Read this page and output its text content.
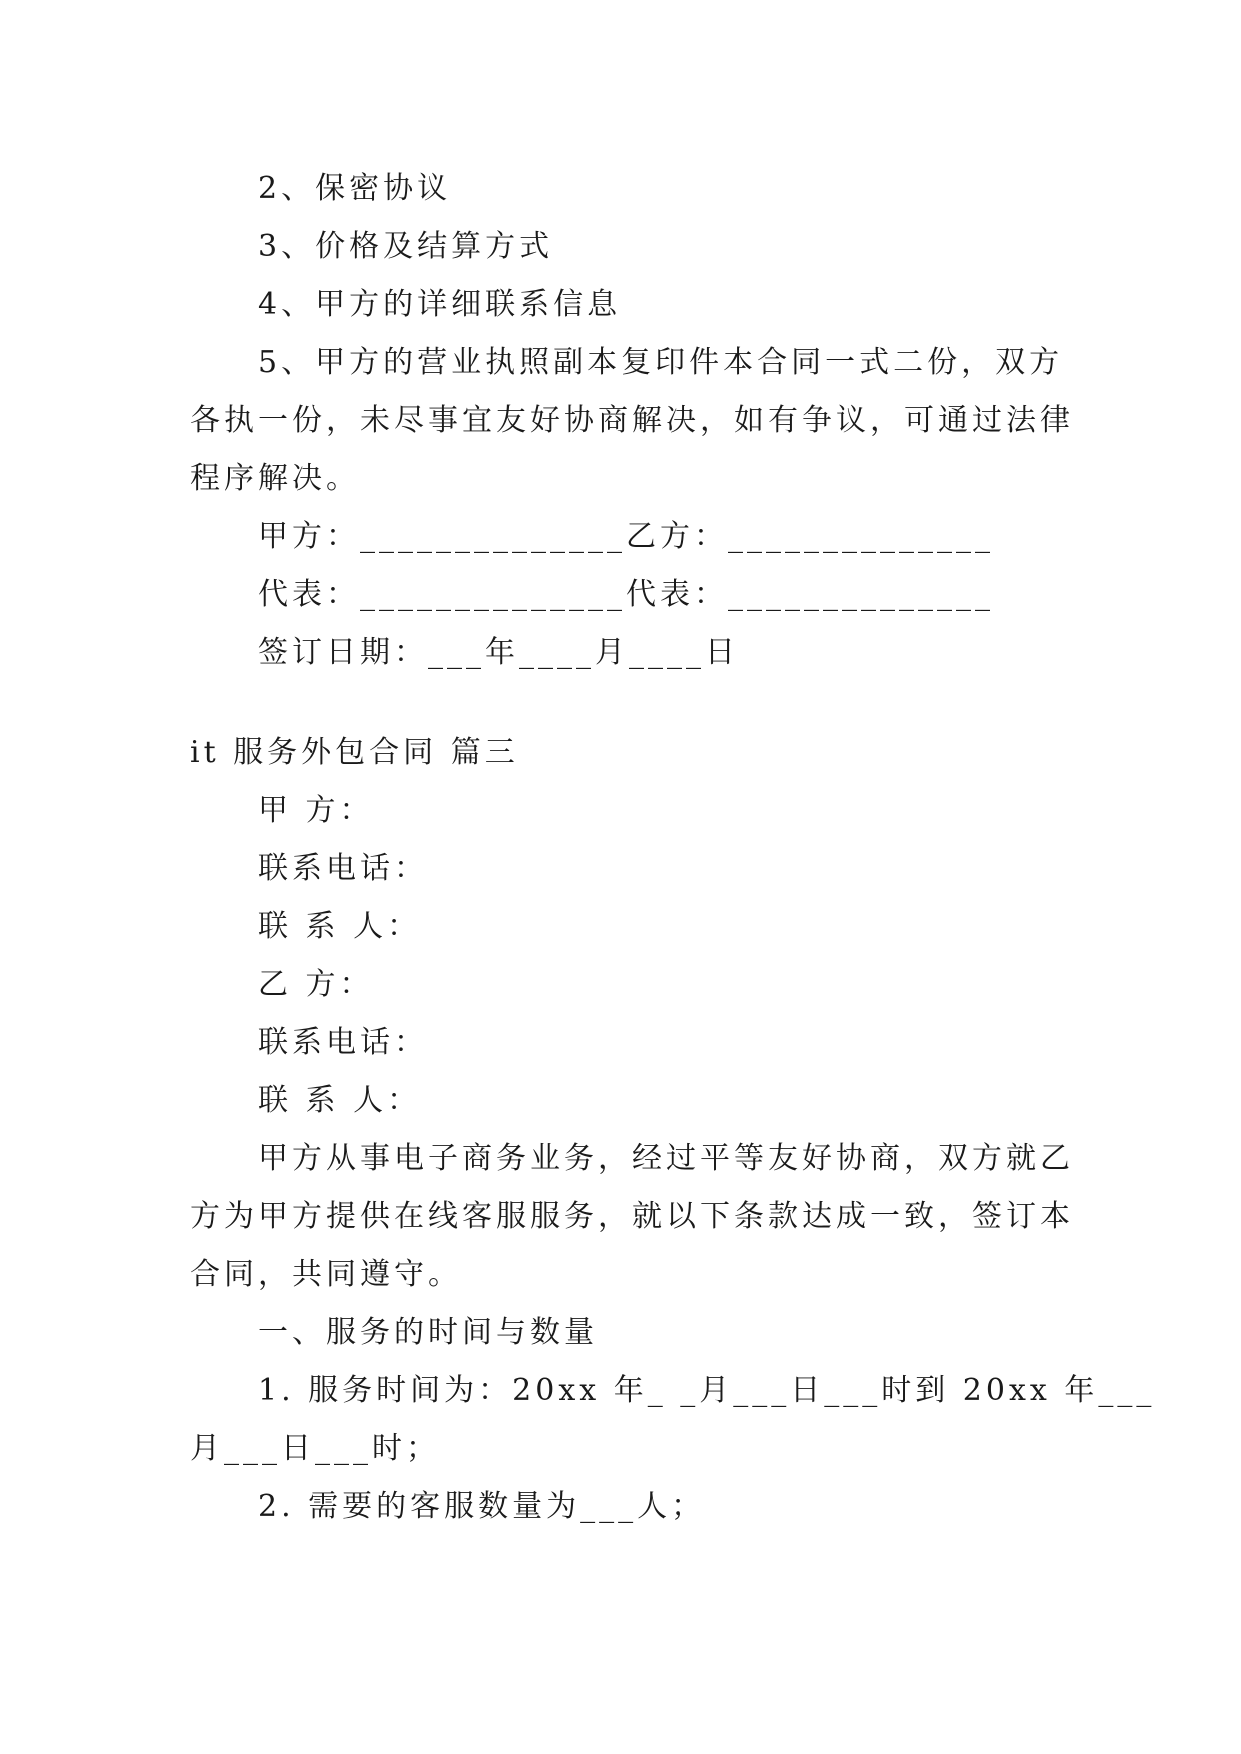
2、保密协议
3、价格及结算方式
4、甲方的详细联系信息
5、甲方的营业执照副本复印件本合同一式二份，双方
各执一份，未尽事宜友好协商解决，如有争议，可通过法律
程序解决。
甲方：______________乙方：______________
代表：______________代表：______________
签订日期：___年____月____日
it 服务外包合同 篇三
甲 方：
联系电话：
联 系 人：
乙 方：
联系电话：
联 系 人：
甲方从事电子商务业务，经过平等友好协商，双方就乙
方为甲方提供在线客服服务，就以下条款达成一致，签订本
合同，共同遵守。
一、服务的时间与数量
1. 服务时间为：20xx 年_ _月___日___时到 20xx 年___
月___日___时；
2. 需要的客服数量为___人；
